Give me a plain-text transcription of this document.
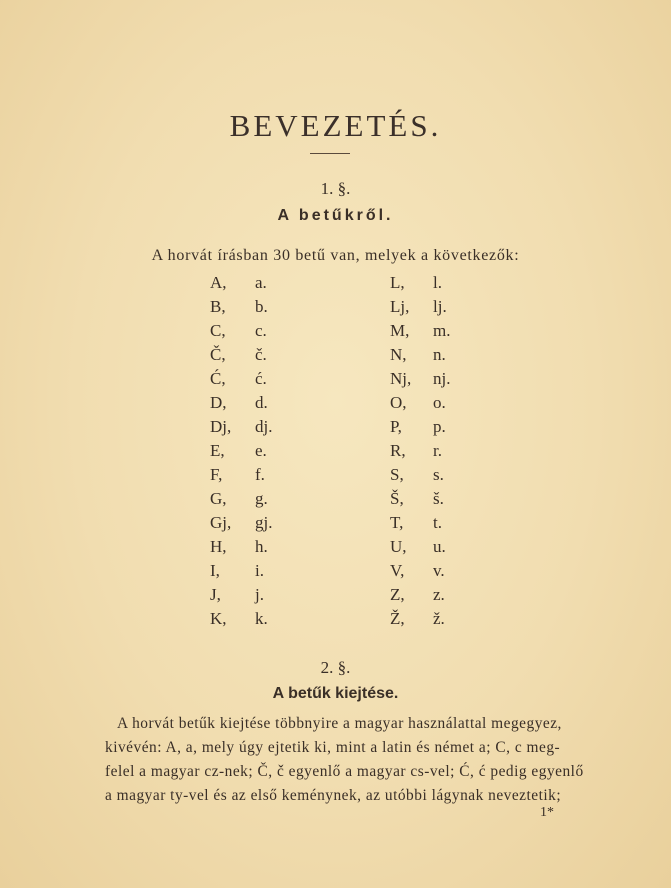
BEVEZETÉS.
1. §.
A betűkről.
A horvát írásban 30 betű van, melyek a következők:
A, a.
B, b.
C, c.
Č, č.
Ć, ć.
D, d.
Dj, dj.
E, e.
F, f.
G, g.
Gj, gj.
H, h.
I, i.
J, j.
K, k.
L, l.
Lj, lj.
M, m.
N, n.
Nj, nj.
O, o.
P, p.
R, r.
S, s.
Š, š.
T, t.
U, u.
V, v.
Z, z.
Ž, ž.
2. §.
A betűk kiejtése.
A horvát betűk kiejtése többnyire a magyar használattal megegyez,
kivévén: A, a, mely úgy ejtetik ki, mint a latin és német a; C, c meg-
felel a magyar cz-nek; Č, č egyenlő a magyar cs-vel; Ć, ć pedig egyenlő
a magyar ty-vel és az első keménynek, az utóbbi lágynak neveztetik;
1*
